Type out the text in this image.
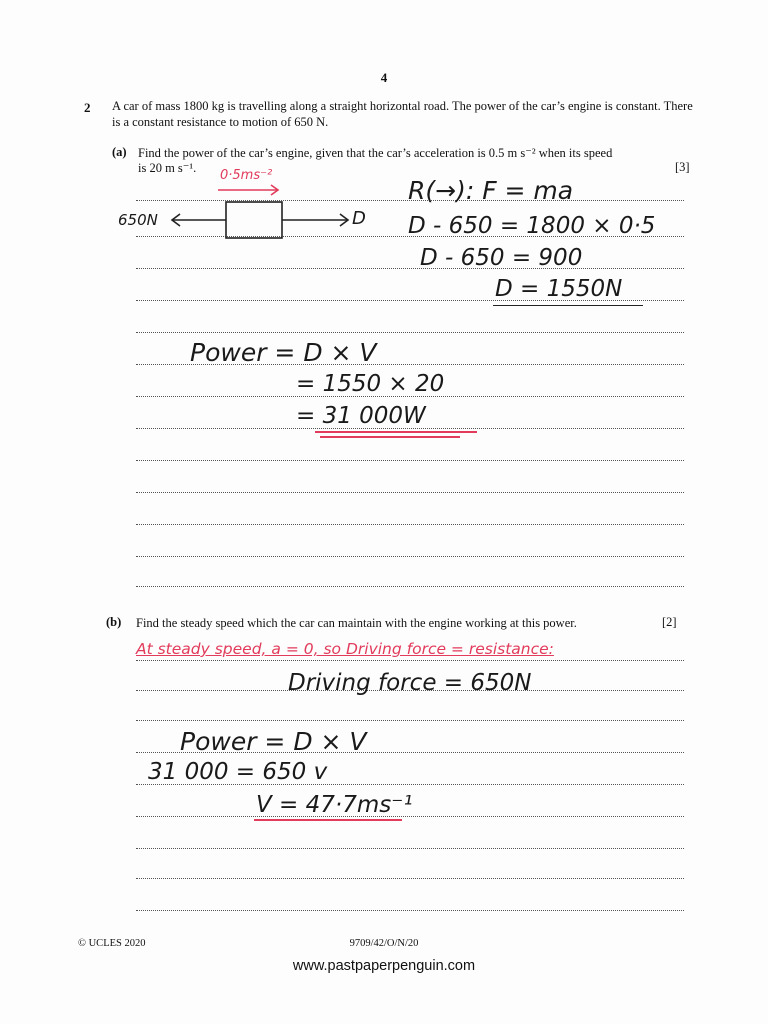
4
2 A car of mass 1800 kg is travelling along a straight horizontal road. The power of the car’s engine is constant. There is a constant resistance to motion of 650 N.
(a) Find the power of the car’s engine, given that the car’s acceleration is 0.5 m s⁻² when its speed
is 20 m s⁻¹.	[3]
0·5ms⁻²
650N	D
R(→): F = ma
D - 650 = 1800 × 0·5
D - 650 = 900
D = 1550N
Power = D × V
= 1550 × 20
= 31 000W
(b) Find the steady speed which the car can maintain with the engine working at this power.	[2]
At steady speed, a = 0, so Driving force = resistance:
Driving force = 650N
Power = D × V
31 000 = 650 v
V = 47·7ms⁻¹
© UCLES 2020	9709/42/O/N/20
www.pastpaperpenguin.com
